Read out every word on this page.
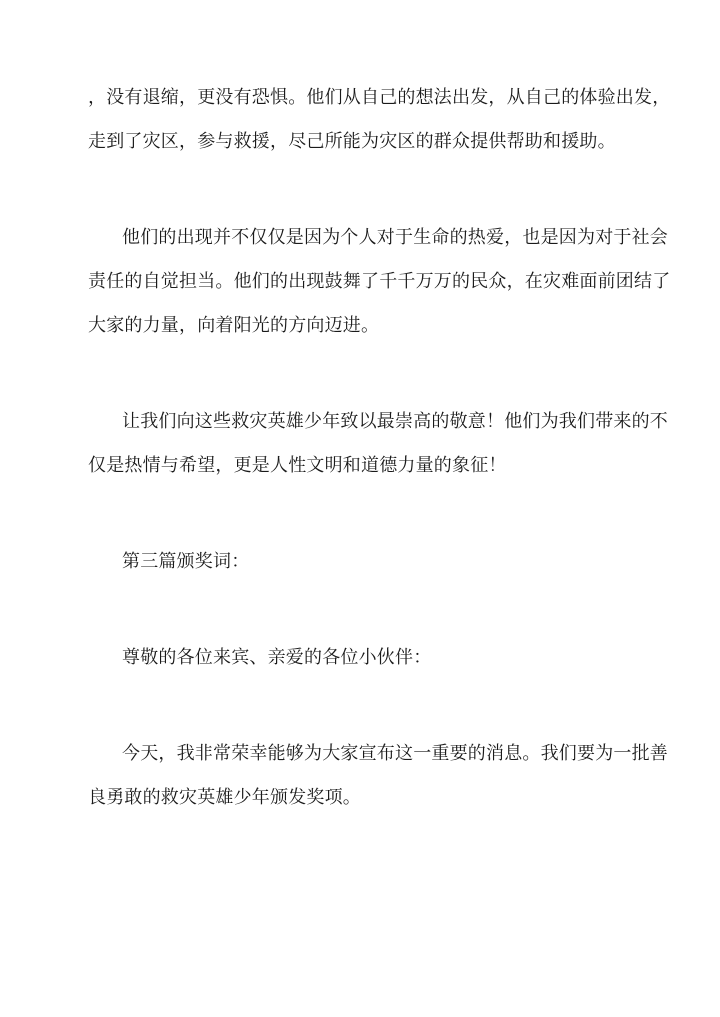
，没有退缩，更没有恐惧。他们从自己的想法出发，从自己的体验出发，
走到了灾区，参与救援，尽己所能为灾区的群众提供帮助和援助。
他们的出现并不仅仅是因为个人对于生命的热爱，也是因为对于社会
责任的自觉担当。他们的出现鼓舞了千千万万的民众，在灾难面前团结了
大家的力量，向着阳光的方向迈进。
让我们向这些救灾英雄少年致以最崇高的敬意！他们为我们带来的不
仅是热情与希望，更是人性文明和道德力量的象征！
第三篇颁奖词：
尊敬的各位来宾、亲爱的各位小伙伴：
今天，我非常荣幸能够为大家宣布这一重要的消息。我们要为一批善
良勇敢的救灾英雄少年颁发奖项。
